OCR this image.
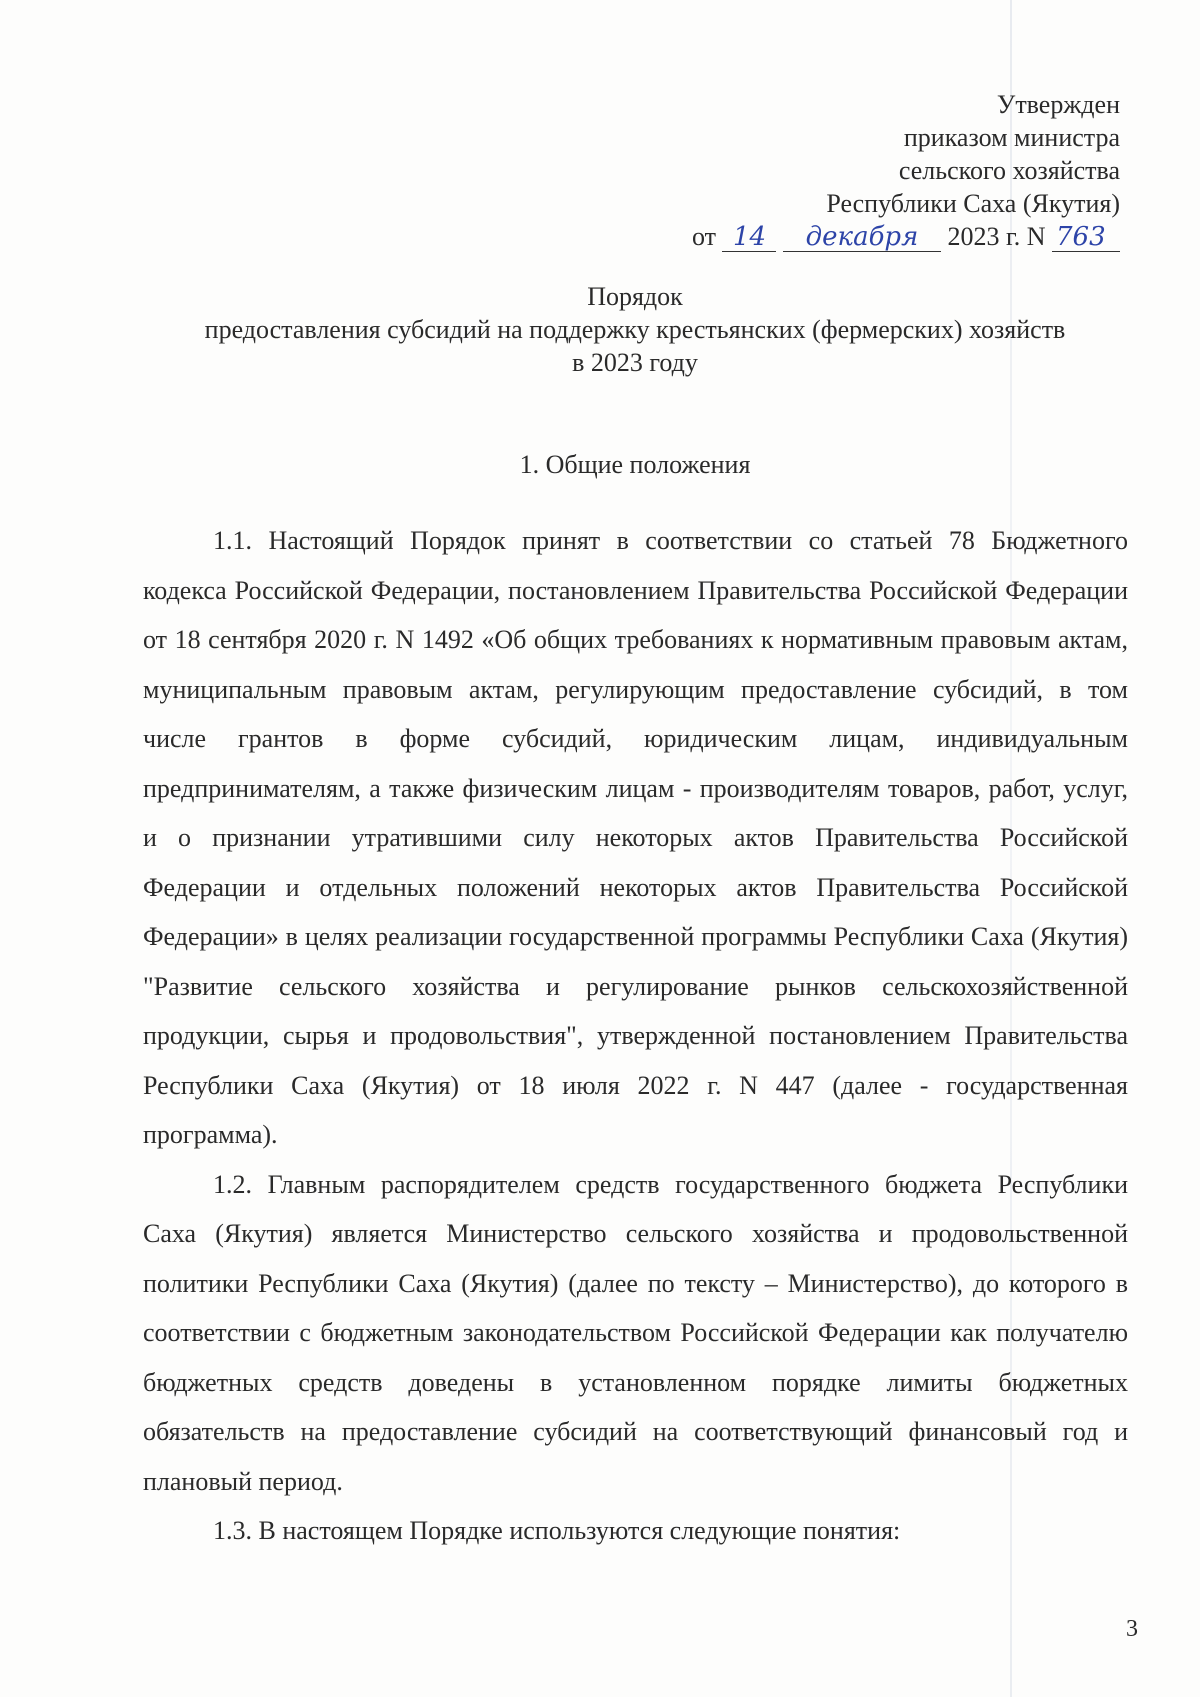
Утвержден
приказом министра
сельского хозяйства
Республики Саха (Якутия)
от 14 декабря 2023 г. N 763
Порядок
предоставления субсидий на поддержку крестьянских (фермерских) хозяйств
в 2023 году
1. Общие положения

1.1. Настоящий Порядок принят в соответствии со статьей 78 Бюджетного кодекса Российской Федерации, постановлением Правительства Российской Федерации от 18 сентября 2020 г. N 1492 «Об общих требованиях к нормативным правовым актам, муниципальным правовым актам, регулирующим предоставление субсидий, в том числе грантов в форме субсидий, юридическим лицам, индивидуальным предпринимателям, а также физическим лицам - производителям товаров, работ, услуг, и о признании утратившими силу некоторых актов Правительства Российской Федерации и отдельных положений некоторых актов Правительства Российской Федерации» в целях реализации государственной программы Республики Саха (Якутия) "Развитие сельского хозяйства и регулирование рынков сельскохозяйственной продукции, сырья и продовольствия", утвержденной постановлением Правительства Республики Саха (Якутия) от 18 июля 2022 г. N 447 (далее - государственная программа).

1.2. Главным распорядителем средств государственного бюджета Республики Саха (Якутия) является Министерство сельского хозяйства и продовольственной политики Республики Саха (Якутия) (далее по тексту – Министерство), до которого в соответствии с бюджетным законодательством Российской Федерации как получателю бюджетных средств доведены в установленном порядке лимиты бюджетных обязательств на предоставление субсидий на соответствующий финансовый год и плановый период.

1.3. В настоящем Порядке используются следующие понятия:

3
